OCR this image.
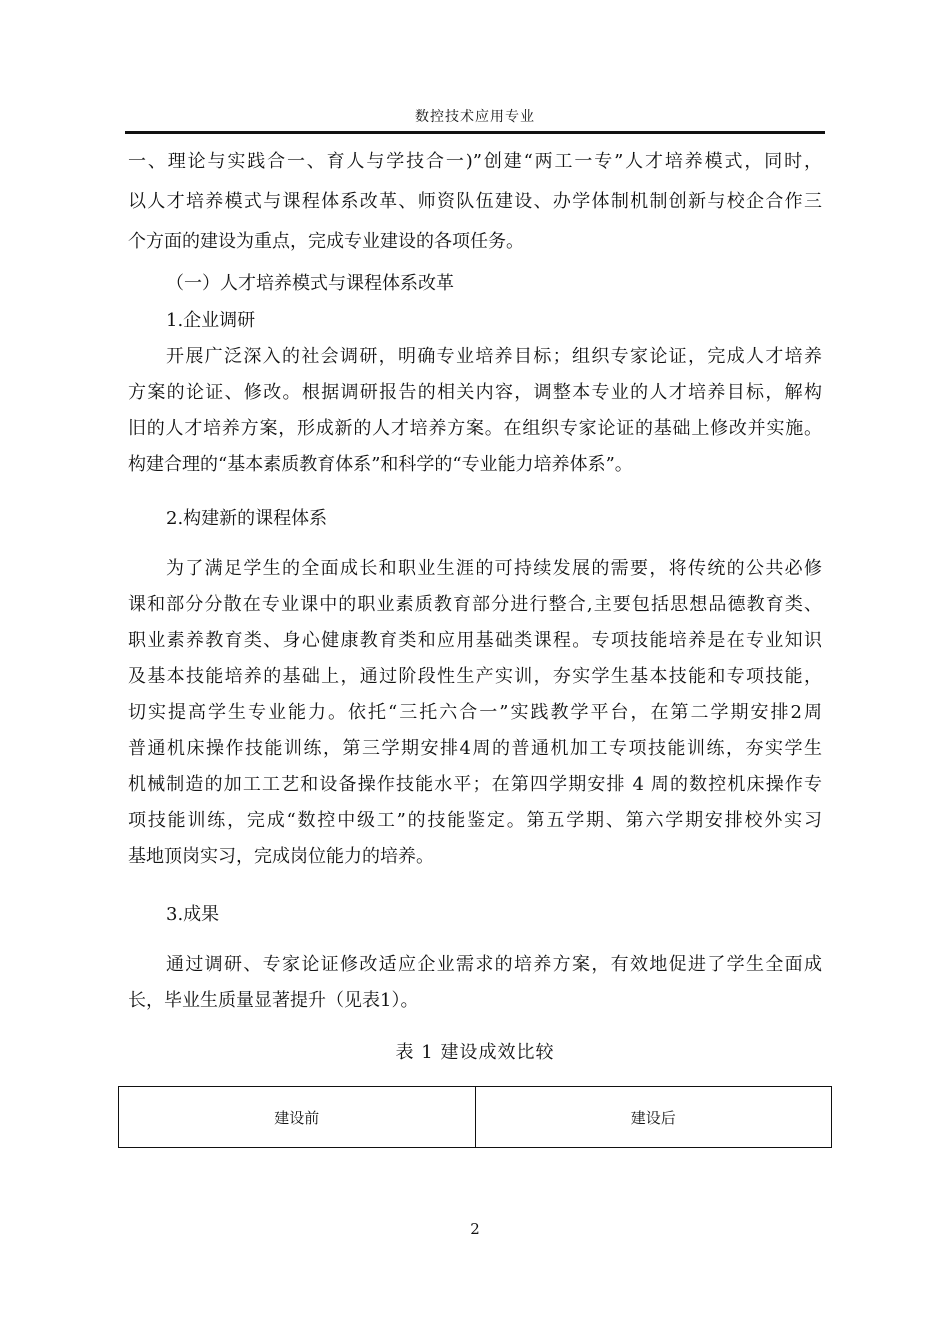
数控技术应用专业
一、理论与实践合一、育人与学技合一)”创建“两工一专”人才培养模式，同时，
以人才培养模式与课程体系改革、师资队伍建设、办学体制机制创新与校企合作三
个方面的建设为重点，完成专业建设的各项任务。
（一）人才培养模式与课程体系改革
1.企业调研
开展广泛深入的社会调研，明确专业培养目标；组织专家论证，完成人才培养
方案的论证、修改。根据调研报告的相关内容，调整本专业的人才培养目标，解构
旧的人才培养方案，形成新的人才培养方案。在组织专家论证的基础上修改并实施。
构建合理的“基本素质教育体系”和科学的“专业能力培养体系”。
2.构建新的课程体系
为了满足学生的全面成长和职业生涯的可持续发展的需要，将传统的公共必修
课和部分分散在专业课中的职业素质教育部分进行整合,主要包括思想品德教育类、
职业素养教育类、身心健康教育类和应用基础类课程。专项技能培养是在专业知识
及基本技能培养的基础上，通过阶段性生产实训，夯实学生基本技能和专项技能，
切实提高学生专业能力。依托“三托六合一”实践教学平台，在第二学期安排2周
普通机床操作技能训练，第三学期安排4周的普通机加工专项技能训练，夯实学生
机械制造的加工工艺和设备操作技能水平；在第四学期安排 4 周的数控机床操作专
项技能训练，完成“数控中级工”的技能鉴定。第五学期、第六学期安排校外实习
基地顶岗实习，完成岗位能力的培养。
3.成果
通过调研、专家论证修改适应企业需求的培养方案，有效地促进了学生全面成
长，毕业生质量显著提升（见表1）。
表 1 建设成效比较
建设前	建设后
2
